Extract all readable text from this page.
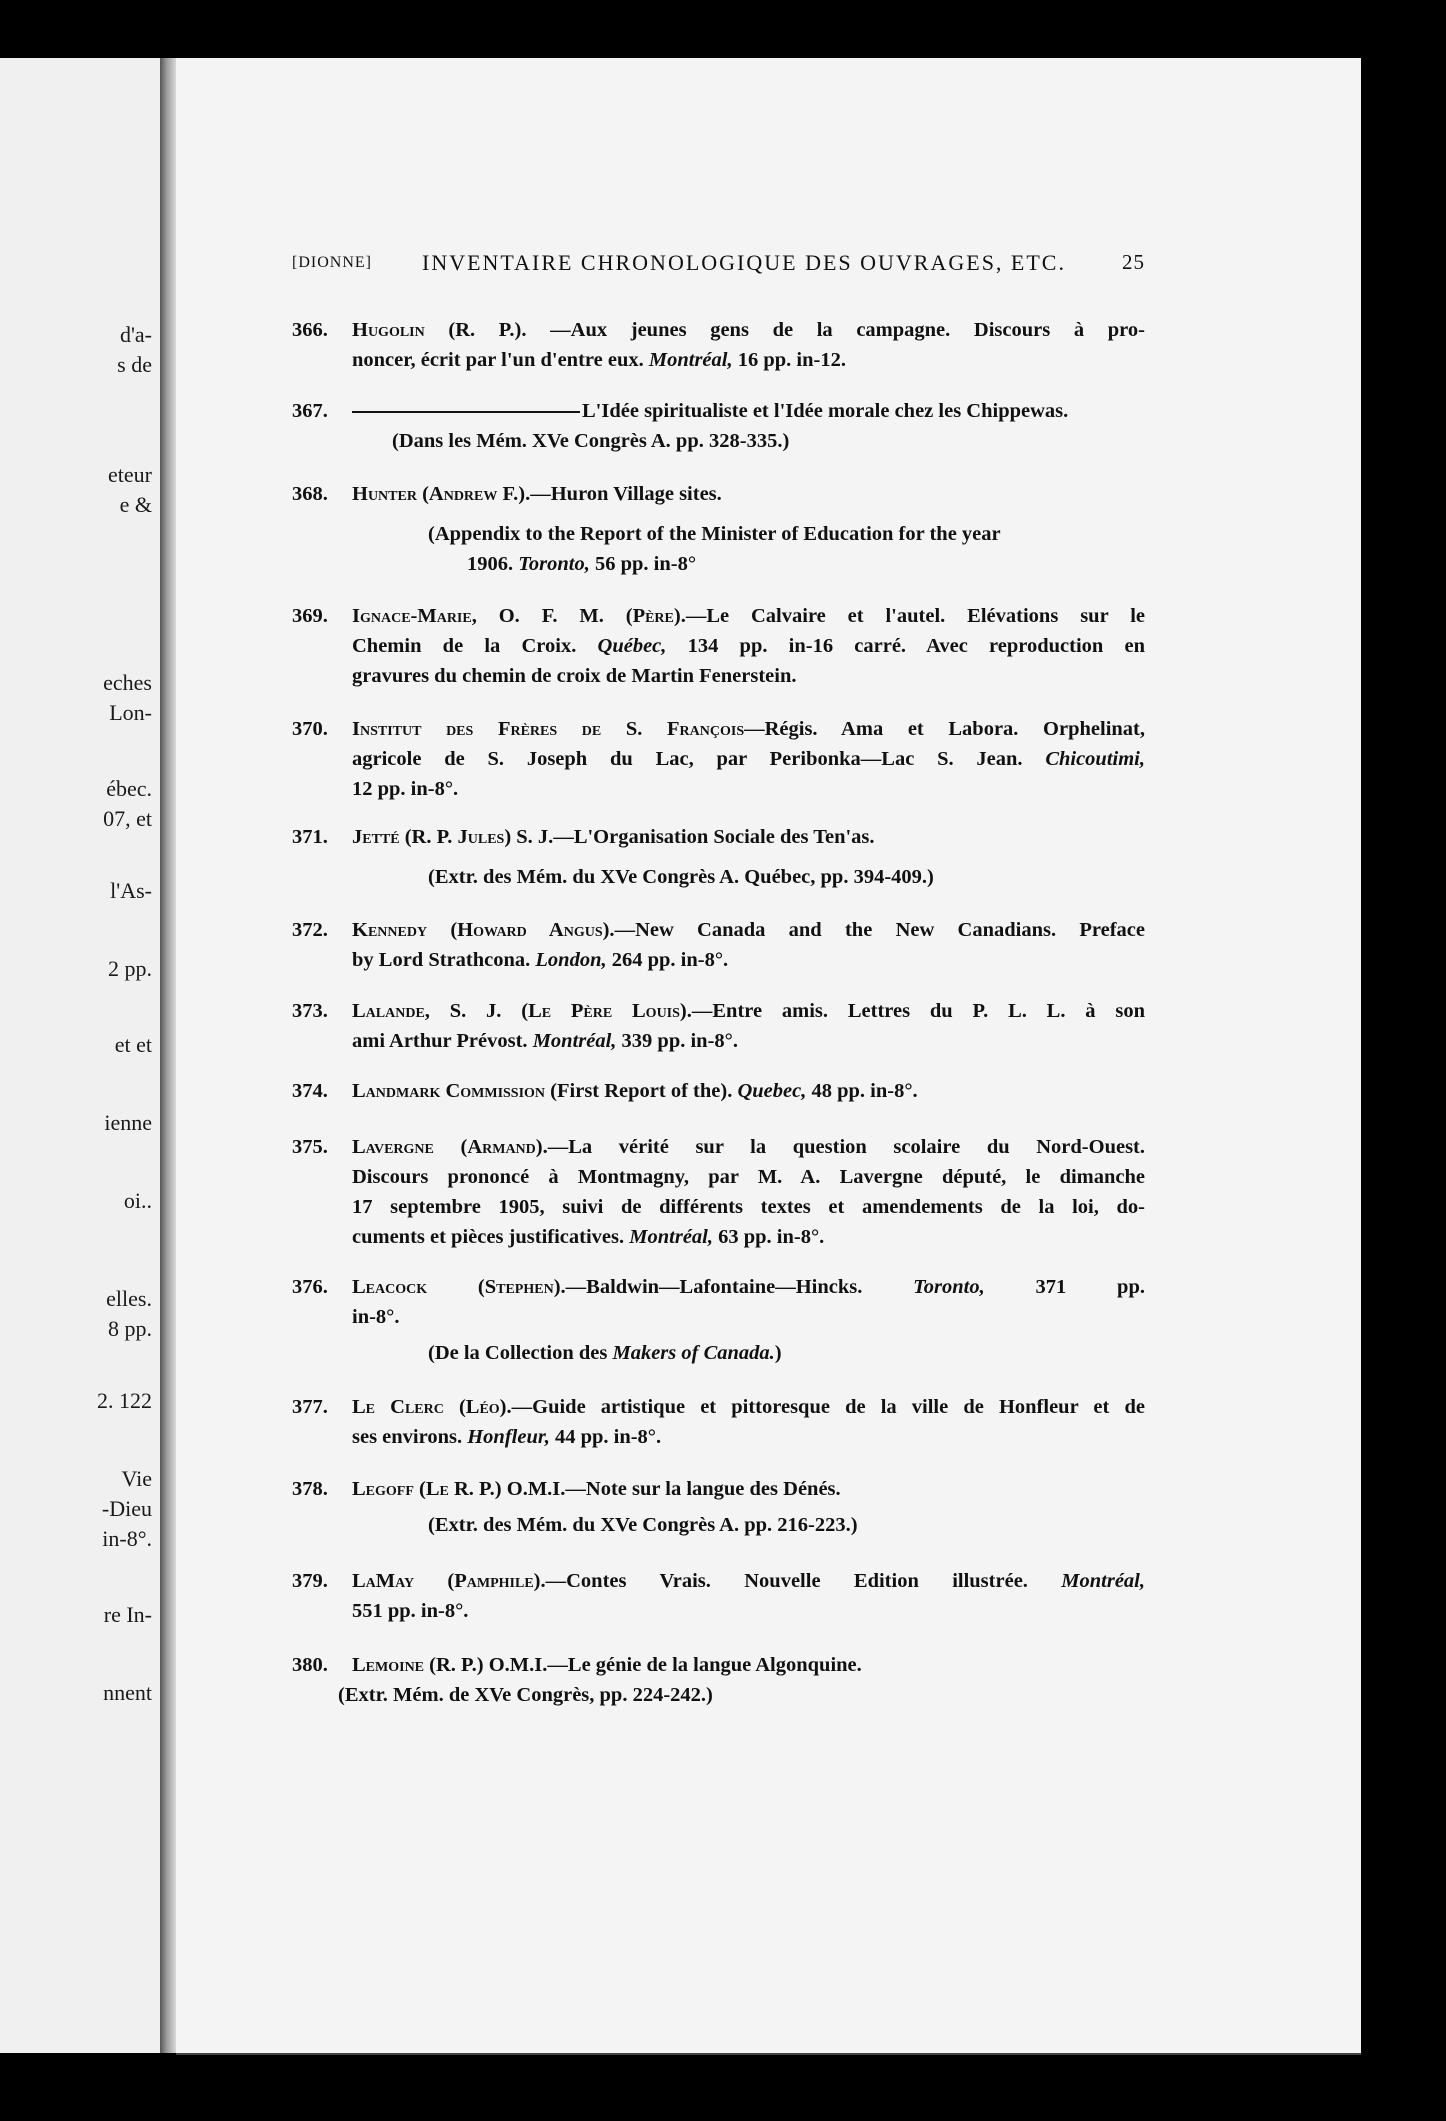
d'a-
s de
eteur
e &
eches
Lon-
ébec.
07, et
l'As-
2 pp.
et et
ienne
oi..
elles.
8 pp.
2. 122
Vie
-Dieu
in-8°.
re In-
nnent
[DIONNE] INVENTAIRE CHRONOLOGIQUE DES OUVRAGES, ETC.	25
366.	Hugolin (R. P.). —Aux jeunes gens de la campagne. Discours à pro-
noncer, écrit par l'un d'entre eux. Montréal, 16 pp. in-12.
367.	L'Idée spiritualiste et l'Idée morale chez les Chippewas.
(Dans les Mém. XVe Congrès A. pp. 328-335.)
368.	Hunter (Andrew F.).—Huron Village sites.
(Appendix to the Report of the Minister of Education for the year
1906. Toronto, 56 pp. in-8°
369.	Ignace-Marie, O. F. M. (Père).—Le Calvaire et l'autel. Elévations sur le
Chemin de la Croix. Québec, 134 pp. in-16 carré. Avec reproduction en
gravures du chemin de croix de Martin Fenerstein.
370.	Institut des Frères de S. François—Régis. Ama et Labora. Orphelinat,
agricole de S. Joseph du Lac, par Peribonka—Lac S. Jean. Chicoutimi,
12 pp. in-8°.
371.	Jetté (R. P. Jules) S. J.—L'Organisation Sociale des Ten'as.
(Extr. des Mém. du XVe Congrès A. Québec, pp. 394-409.)
372.	Kennedy (Howard Angus).—New Canada and the New Canadians. Preface
by Lord Strathcona. London, 264 pp. in-8°.
373.	Lalande, S. J. (Le Père Louis).—Entre amis. Lettres du P. L. L. à son
ami Arthur Prévost. Montréal, 339 pp. in-8°.
374.	Landmark Commission (First Report of the). Quebec, 48 pp. in-8°.
375.	Lavergne (Armand).—La vérité sur la question scolaire du Nord-Ouest.
Discours prononcé à Montmagny, par M. A. Lavergne député, le dimanche
17 septembre 1905, suivi de différents textes et amendements de la loi, do-
cuments et pièces justificatives. Montréal, 63 pp. in-8°.
376.	Leacock (Stephen).—Baldwin—Lafontaine—Hincks. Toronto, 371 pp.
in-8°.
(De la Collection des Makers of Canada.)
377.	Le Clerc (Léo).—Guide artistique et pittoresque de la ville de Honfleur et de
ses environs. Honfleur, 44 pp. in-8°.
378.	Legoff (Le R. P.) O.M.I.—Note sur la langue des Dénés.
(Extr. des Mém. du XVe Congrès A. pp. 216-223.)
379.	LaMay (Pamphile).—Contes Vrais. Nouvelle Edition illustrée. Montréal,
551 pp. in-8°.
380.	Lemoine (R. P.) O.M.I.—Le génie de la langue Algonquine.
(Extr. Mém. de XVe Congrès, pp. 224-242.)
